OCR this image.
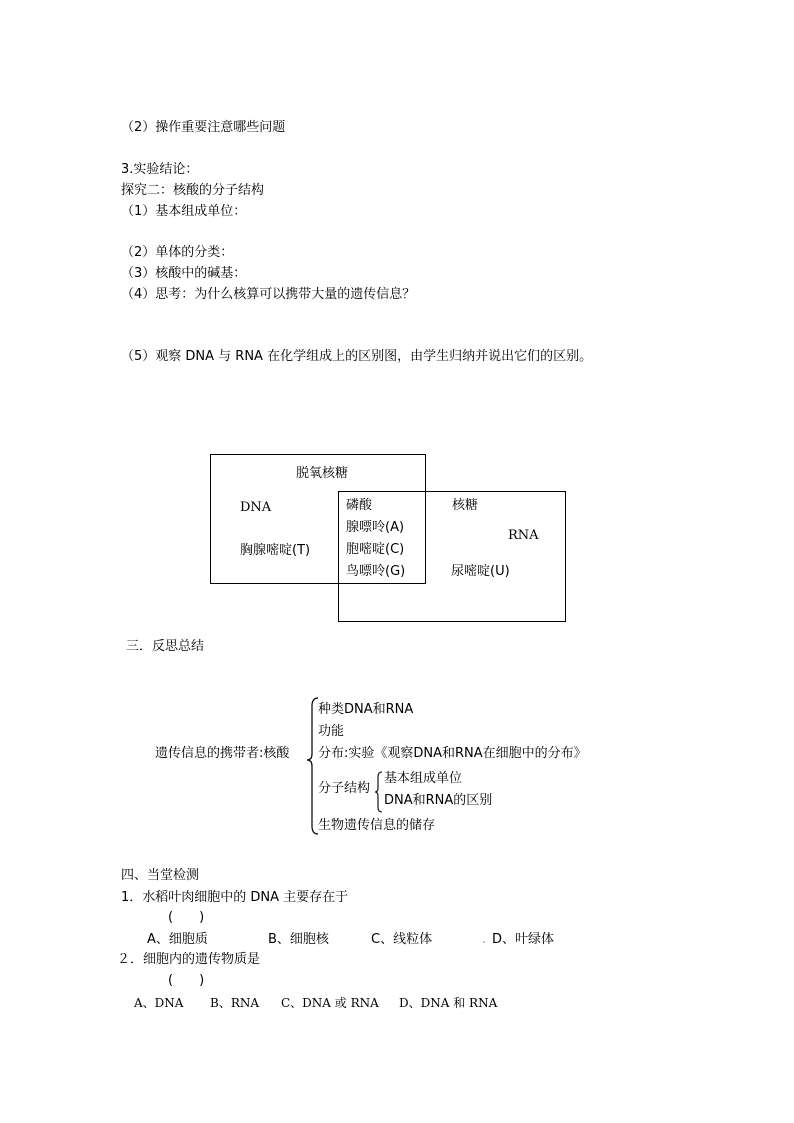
（2）操作重要注意哪些问题
3.实验结论：
探究二：核酸的分子结构
（1）基本组成单位：
（2）单体的分类：
（3）核酸中的碱基：
（4）思考：为什么核算可以携带大量的遗传信息？
（5）观察 DNA 与 RNA 在化学组成上的区别图，由学生归纳并说出它们的区别。
脱氧核糖
DNA
胸腺嘧啶(T)
磷酸
腺嘌呤(A)
胞嘧啶(C)
鸟嘌呤(G)
核糖
RNA
尿嘧啶(U)
三．反思总结
遗传信息的携带者:核酸
种类DNA和RNA
功能
分布:实验《观察DNA和RNA在细胞中的分布》
分子结构
基本组成单位
DNA和RNA的区别
生物遗传信息的储存
四、当堂检测
1．水稻叶肉细胞中的 DNA 主要存在于
(　　)
A、细胞质	B、细胞核	C、线粒体	. D、叶绿体
２．细胞内的遗传物质是
(　　)
A、DNA B、RNA C、DNA 或 RNA D、DNA 和 RNA
